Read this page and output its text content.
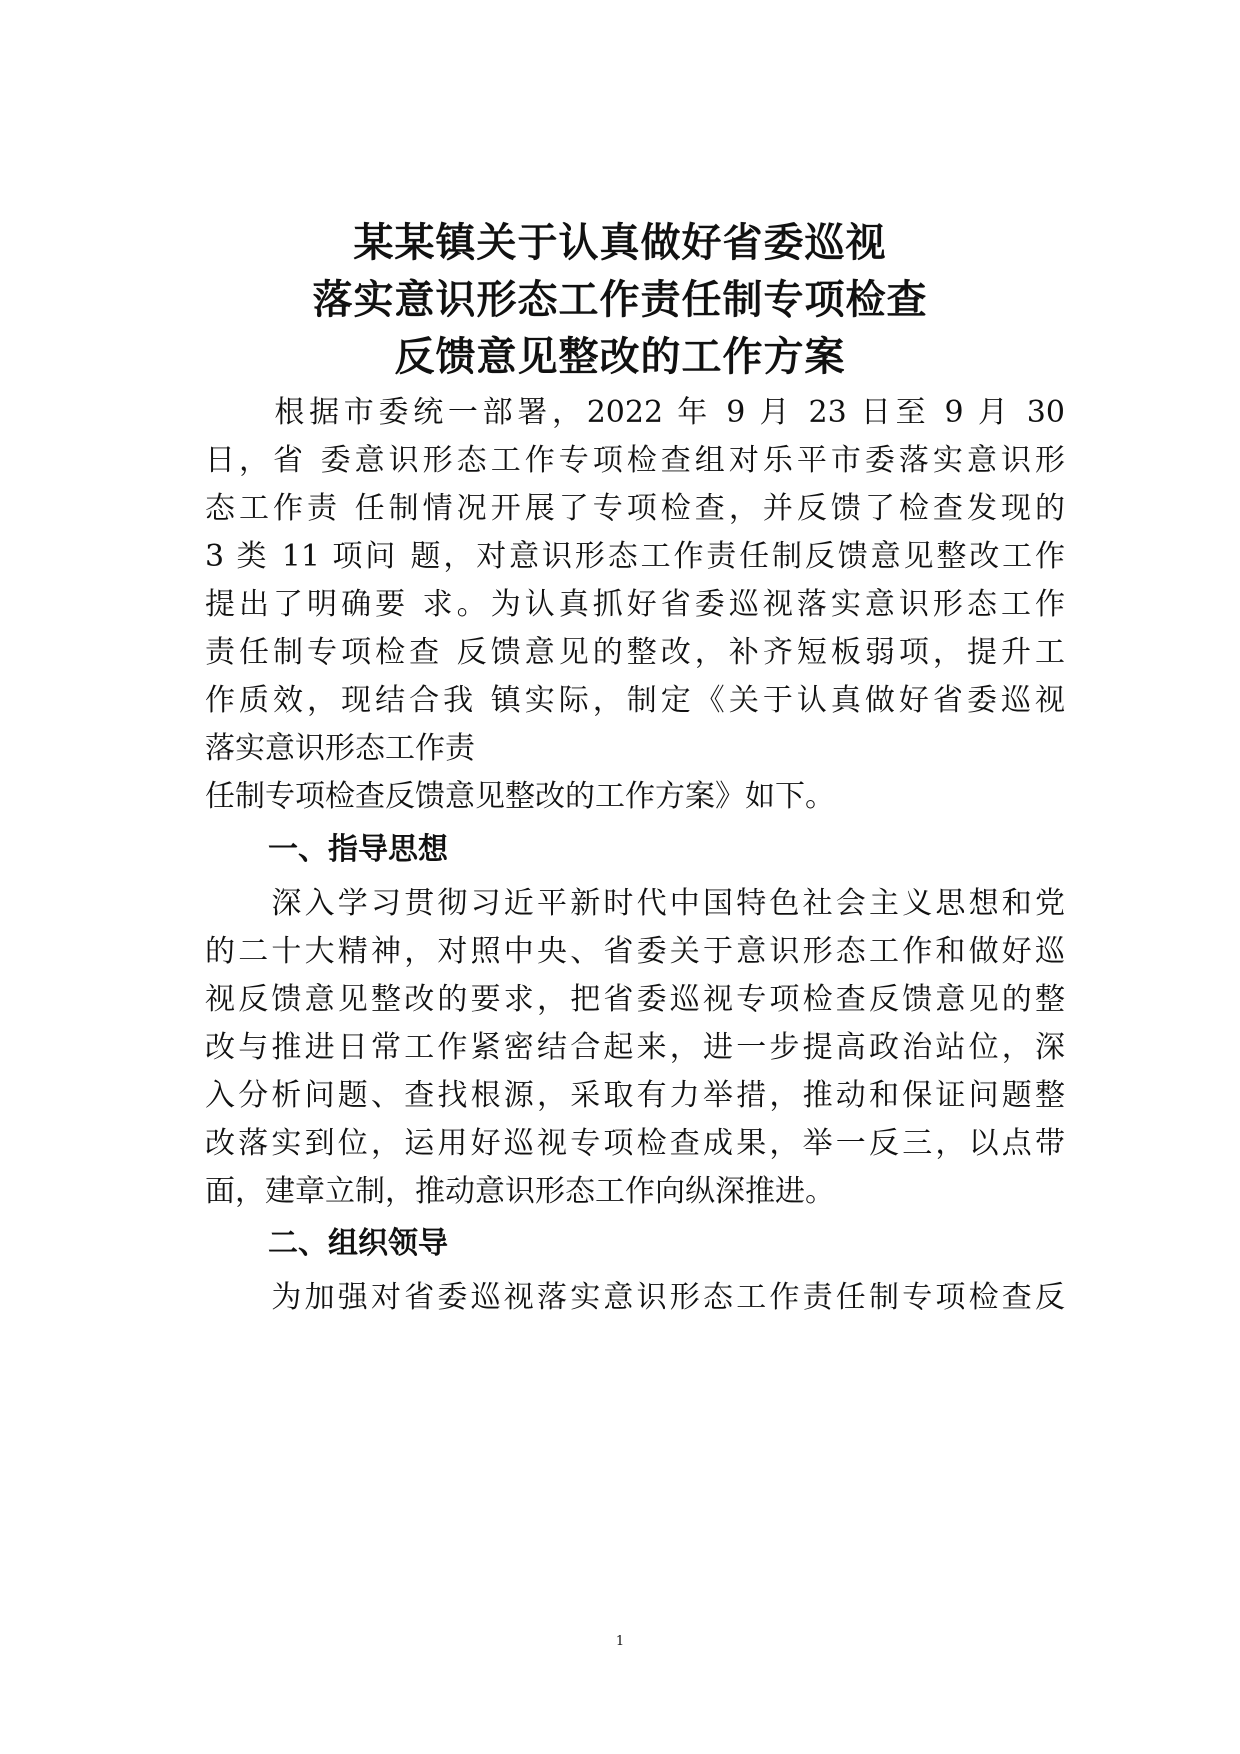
某某镇关于认真做好省委巡视
落实意识形态工作责任制专项检查
反馈意见整改的工作方案
　　根据市委统一部署，2022 年 9 月 23 日至 9 月 30
日，省 委意识形态工作专项检查组对乐平市委落实意识形
态工作责 任制情况开展了专项检查，并反馈了检查发现的
3 类 11 项问 题，对意识形态工作责任制反馈意见整改工作
提出了明确要 求。为认真抓好省委巡视落实意识形态工作
责任制专项检查 反馈意见的整改，补齐短板弱项，提升工
作质效，现结合我 镇实际，制定《关于认真做好省委巡视
落实意识形态工作责
任制专项检查反馈意见整改的工作方案》如下。
一、指导思想
　　深入学习贯彻习近平新时代中国特色社会主义思想和党
的二十大精神，对照中央、省委关于意识形态工作和做好巡
视反馈意见整改的要求，把省委巡视专项检查反馈意见的整
改与推进日常工作紧密结合起来，进一步提高政治站位，深
入分析问题、查找根源，采取有力举措，推动和保证问题整
改落实到位，运用好巡视专项检查成果，举一反三，以点带
面，建章立制，推动意识形态工作向纵深推进。
二、组织领导
　　为加强对省委巡视落实意识形态工作责任制专项检查反
1
